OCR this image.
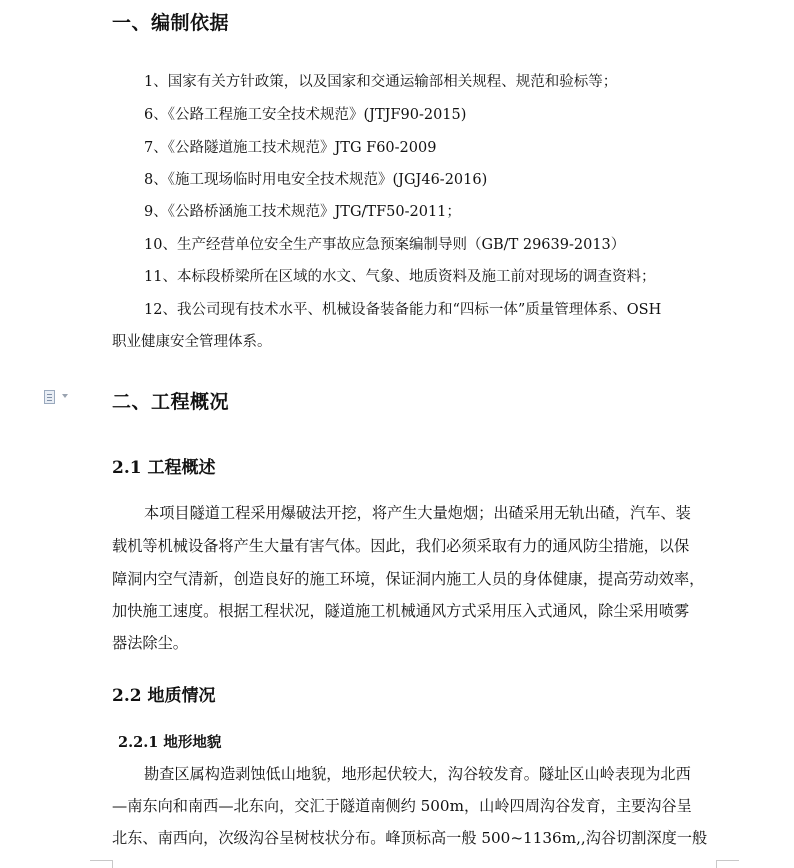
一、编制依据
1、国家有关方针政策，以及国家和交通运输部相关规程、规范和验标等；
6、《公路工程施工安全技术规范》(JTJF90-2015)
7、《公路隧道施工技术规范》JTG F60-2009
8、《施工现场临时用电安全技术规范》(JGJ46-2016)
9、《公路桥涵施工技术规范》JTG/TF50-2011；
10、生产经营单位安全生产事故应急预案编制导则（GB/T 29639-2013）
11、本标段桥梁所在区域的水文、气象、地质资料及施工前对现场的调查资料；
12、我公司现有技术水平、机械设备装备能力和“四标一体”质量管理体系、OSH
职业健康安全管理体系。
二、工程概况
2.1 工程概述
本项目隧道工程采用爆破法开挖，将产生大量炮烟；出碴采用无轨出碴，汽车、装
载机等机械设备将产生大量有害气体。因此，我们必须采取有力的通风防尘措施，以保
障洞内空气清新，创造良好的施工环境，保证洞内施工人员的身体健康，提高劳动效率，
加快施工速度。根据工程状况，隧道施工机械通风方式采用压入式通风，除尘采用喷雾
器法除尘。
2.2 地质情况
2.2.1 地形地貌
勘查区属构造剥蚀低山地貌，地形起伏较大，沟谷较发育。隧址区山岭表现为北西
—南东向和南西—北东向，交汇于隧道南侧约 500m，山岭四周沟谷发育，主要沟谷呈
北东、南西向，次级沟谷呈树枝状分布。峰顶标高一般 500~1136m,,沟谷切割深度一般
